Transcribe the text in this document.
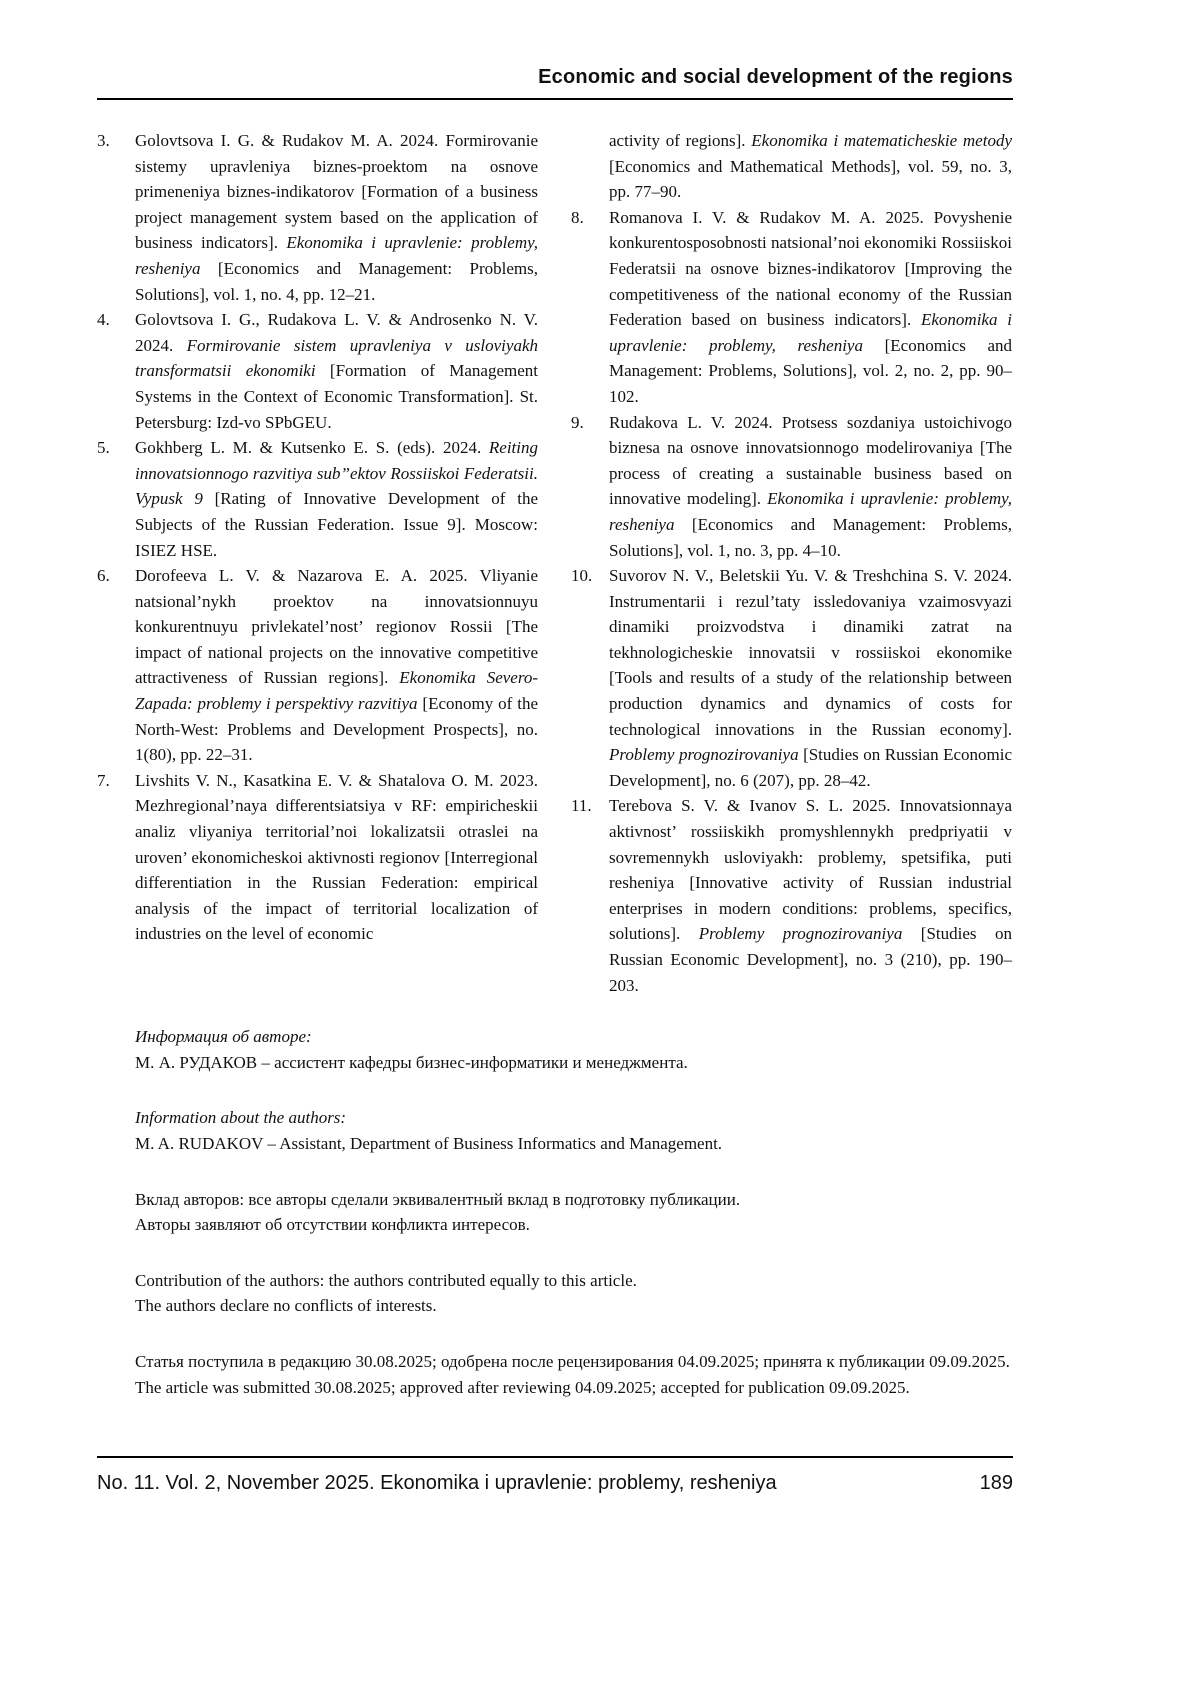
Economic and social development of the regions
3. Golovtsova I. G. & Rudakov M. A. 2024. Formirovanie sistemy upravleniya biznes-proektom na osnove primeneniya biznes-indikatorov [Formation of a business project management system based on the application of business indicators]. Ekonomika i upravlenie: problemy, resheniya [Economics and Management: Problems, Solutions], vol. 1, no. 4, pp. 12–21.
4. Golovtsova I. G., Rudakova L. V. & Androsenko N. V. 2024. Formirovanie sistem upravleniya v usloviyakh transformatsii ekonomiki [Formation of Management Systems in the Context of Economic Transformation]. St. Petersburg: Izd-vo SPbGEU.
5. Gokhberg L. M. & Kutsenko E. S. (eds). 2024. Reiting innovatsionnogo razvitiya sub”ektov Rossiiskoi Federatsii. Vypusk 9 [Rating of Innovative Development of the Subjects of the Russian Federation. Issue 9]. Moscow: ISIEZ HSE.
6. Dorofeeva L. V. & Nazarova E. A. 2025. Vliyanie natsional’nykh proektov na innovatsionnuyu konkurentnuyu privlekatel’nost’ regionov Rossii [The impact of national projects on the innovative competitive attractiveness of Russian regions]. Ekonomika Severo-Zapada: problemy i perspektivy razvitiya [Economy of the North-West: Problems and Development Prospects], no. 1(80), pp. 22–31.
7. Livshits V. N., Kasatkina E. V. & Shatalova O. M. 2023. Mezhregional’naya differentsiatsiya v RF: empiricheskii analiz vliyaniya territorial’noi lokalizatsii otraslei na uroven’ ekonomicheskoi aktivnosti regionov [Interregional differentiation in the Russian Federation: empirical analysis of the impact of territorial localization of industries on the level of economic
activity of regions]. Ekonomika i matematicheskie metody [Economics and Mathematical Methods], vol. 59, no. 3, pp. 77–90.
8. Romanova I. V. & Rudakov M. A. 2025. Povyshenie konkurentosposobnosti natsional’noi ekonomiki Rossiiskoi Federatsii na osnove biznes-indikatorov [Improving the competitiveness of the national economy of the Russian Federation based on business indicators]. Ekonomika i upravlenie: problemy, resheniya [Economics and Management: Problems, Solutions], vol. 2, no. 2, pp. 90–102.
9. Rudakova L. V. 2024. Protsess sozdaniya ustoichivogo biznesa na osnove innovatsionnogo modelirovaniya [The process of creating a sustainable business based on innovative modeling]. Ekonomika i upravlenie: problemy, resheniya [Economics and Management: Problems, Solutions], vol. 1, no. 3, pp. 4–10.
10. Suvorov N. V., Beletskii Yu. V. & Treshchina S. V. 2024. Instrumentarii i rezul’taty issledovaniya vzaimosvyazi dinamiki proizvodstva i dinamiki zatrat na tekhnologicheskie innovatsii v rossiiskoi ekonomike [Tools and results of a study of the relationship between production dynamics and dynamics of costs for technological innovations in the Russian economy]. Problemy prognozirovaniya [Studies on Russian Economic Development], no. 6 (207), pp. 28–42.
11. Terebova S. V. & Ivanov S. L. 2025. Innovatsionnaya aktivnost’ rossiiskikh promyshlennykh predpriyatii v sovremennykh usloviyakh: problemy, spetsifika, puti resheniya [Innovative activity of Russian industrial enterprises in modern conditions: problems, specifics, solutions]. Problemy prognozirovaniya [Studies on Russian Economic Development], no. 3 (210), pp. 190–203.
Информация об авторе:
М. А. РУДАКОВ – ассистент кафедры бизнес-информатики и менеджмента.
Information about the authors:
M. A. RUDAKOV – Assistant, Department of Business Informatics and Management.
Вклад авторов: все авторы сделали эквивалентный вклад в подготовку публикации.
Авторы заявляют об отсутствии конфликта интересов.
Contribution of the authors: the authors contributed equally to this article.
The authors declare no conflicts of interests.
Статья поступила в редакцию 30.08.2025; одобрена после рецензирования 04.09.2025; принята к публикации 09.09.2025.
The article was submitted 30.08.2025; approved after reviewing 04.09.2025; accepted for publication 09.09.2025.
No. 11. Vol. 2, November 2025. Ekonomika i upravlenie: problemy, resheniya	189
